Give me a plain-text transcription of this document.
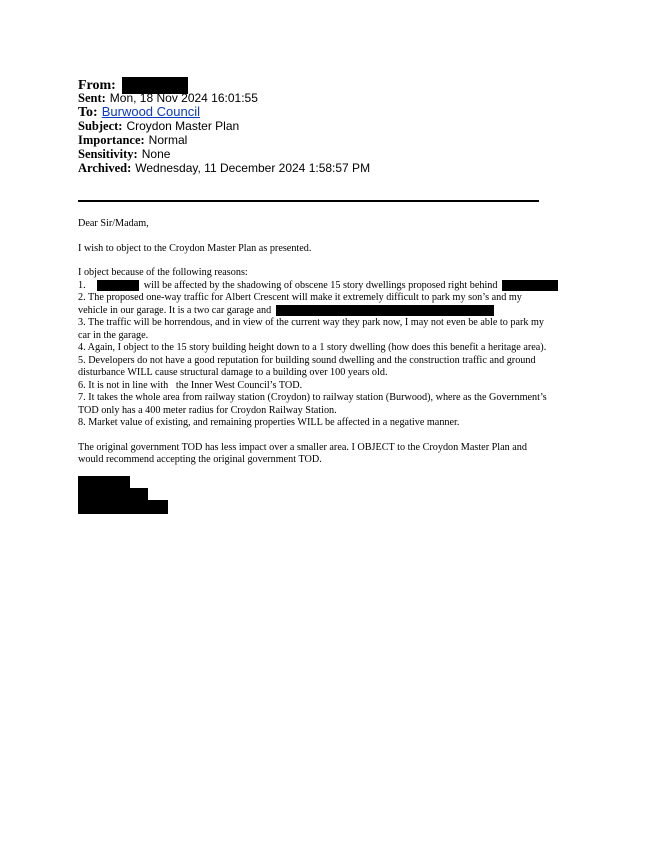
From:
Sent: Mon, 18 Nov 2024 16:01:55
To: Burwood Council
Subject: Croydon Master Plan
Importance: Normal
Sensitivity: None
Archived: Wednesday, 11 December 2024 1:58:57 PM

Dear Sir/Madam,

I wish to object to the Croydon Master Plan as presented.

I object because of the following reasons:

1.	will be affected by the shadowing of obscene 15 story dwellings proposed right behind

2. The proposed one-way traffic for Albert Crescent will make it extremely difficult to park my son’s and my

vehicle in our garage. It is a two car garage and

3. The traffic will be horrendous, and in view of the current way they park now, I may not even be able to park my

car in the garage.

4. Again, I object to the 15 story building height down to a 1 story dwelling (how does this benefit a heritage area).

5. Developers do not have a good reputation for building sound dwelling and the construction traffic and ground

disturbance WILL cause structural damage to a building over 100 years old.

6. It is not in line with   the Inner West Council’s TOD.

7. It takes the whole area from railway station (Croydon) to railway station (Burwood), where as the Government’s

TOD only has a 400 meter radius for Croydon Railway Station.

8. Market value of existing, and remaining properties WILL be affected in a negative manner.

The original government TOD has less impact over a smaller area. I OBJECT to the Croydon Master Plan and

would recommend accepting the original government TOD.
